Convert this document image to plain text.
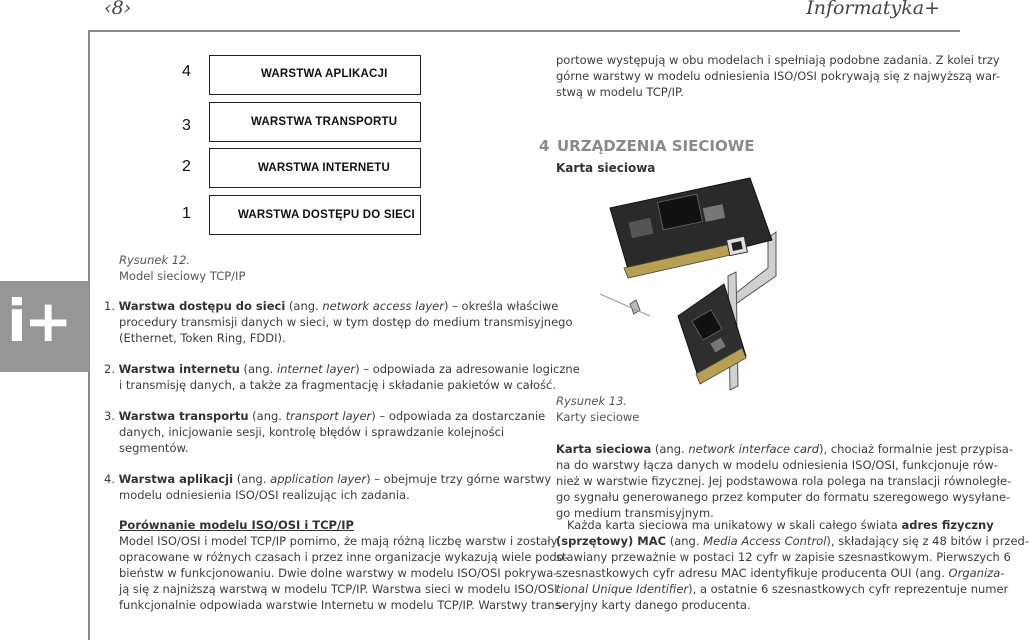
‹8›	Informatyka+
4	WARSTWA APLIKACJI
3	WARSTWA TRANSPORTU
2	WARSTWA INTERNETU
1	WARSTWA DOSTĘPU DO SIECI
Rysunek 12.
Model sieciowy TCP/IP
i+	1. Warstwa dostępu do sieci (ang. network access layer) – określa właściwe
procedury transmisji danych w sieci, w tym dostęp do medium transmisyjnego
(Ethernet, Token Ring, FDDI).
2. Warstwa internetu (ang. internet layer) – odpowiada za adresowanie logiczne
i transmisję danych, a także za fragmentację i składanie pakietów w całość.
3. Warstwa transportu (ang. transport layer) – odpowiada za dostarczanie
danych, inicjowanie sesji, kontrolę błędów i sprawdzanie kolejności
segmentów.
4. Warstwa aplikacji (ang. application layer) – obejmuje trzy górne warstwy
modelu odniesienia ISO/OSI realizując ich zadania.
Porównanie modelu ISO/OSI i TCP/IP
Model ISO/OSI i model TCP/IP pomimo, że mają różną liczbę warstw i zostały
opracowane w różnych czasach i przez inne organizacje wykazują wiele podo-
bieństw w funkcjonowaniu. Dwie dolne warstwy w modelu ISO/OSI pokrywa-
ją się z najniższą warstwą w modelu TCP/IP. Warstwa sieci w modelu ISO/OSI
funkcjonalnie odpowiada warstwie Internetu w modelu TCP/IP. Warstwy trans-
portowe występują w obu modelach i spełniają podobne zadania. Z kolei trzy
górne warstwy w modelu odniesienia ISO/OSI pokrywają się z najwyższą war-
stwą w modelu TCP/IP.
4 URZĄDZENIA SIECIOWE
Karta sieciowa
Rysunek 13.
Karty sieciowe
Karta sieciowa (ang. network interface card), chociaż formalnie jest przypisa-
na do warstwy łącza danych w modelu odniesienia ISO/OSI, funkcjonuje rów-
nież w warstwie fizycznej. Jej podstawowa rola polega na translacji równoległe-
go sygnału generowanego przez komputer do formatu szeregowego wysyłane-
go medium transmisyjnym.
Każda karta sieciowa ma unikatowy w skali całego świata adres fizyczny
(sprzętowy) MAC (ang. Media Access Control), składający się z 48 bitów i przed-
stawiany przeważnie w postaci 12 cyfr w zapisie szesnastkowym. Pierwszych 6
szesnastkowych cyfr adresu MAC identyfikuje producenta OUI (ang. Organiza-
tional Unique Identifier), a ostatnie 6 szesnastkowych cyfr reprezentuje numer
seryjny karty danego producenta.
